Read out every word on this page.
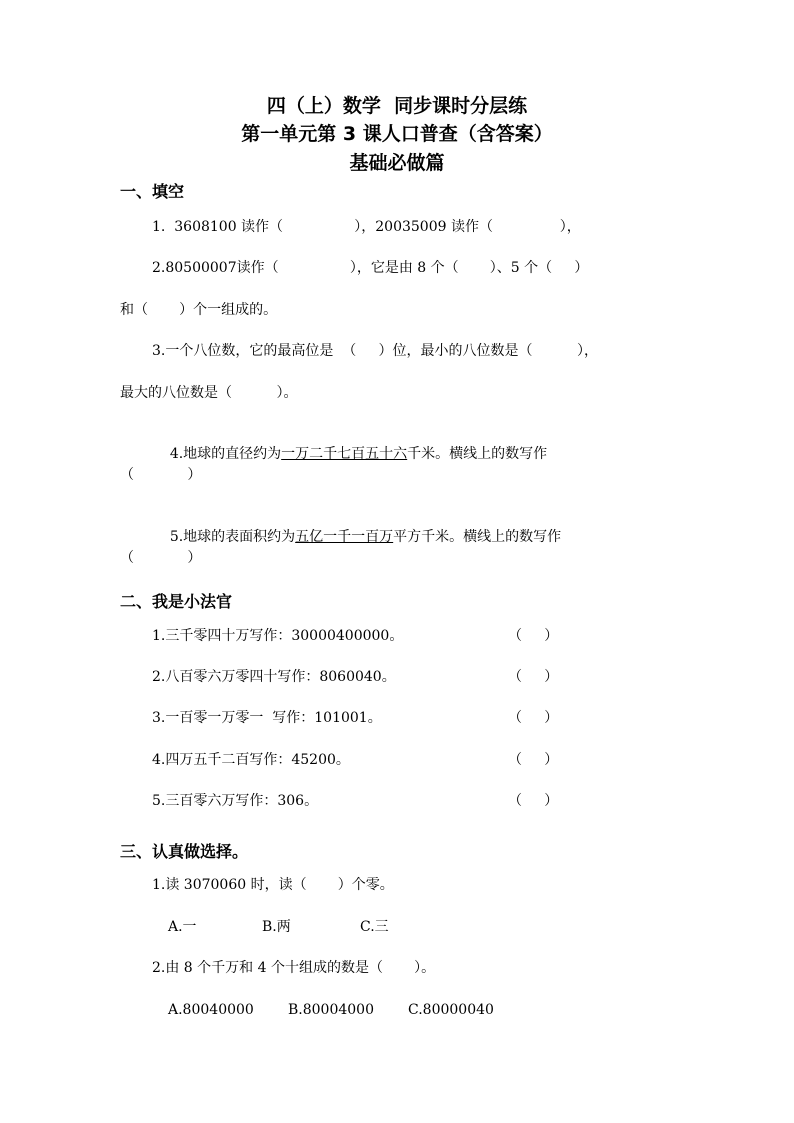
四（上）数学  同步课时分层练
第一单元第 3 课人口普查（含答案）
基础必做篇
一、填空
1.  3608100 读作（                ），20035009 读作（               ），
2.80500007读作（                ），它是由 8 个（       ）、5 个（     ）
和（       ）个一组成的。
3.一个八位数，它的最高位是  （     ）位，最小的八位数是（          ），
最大的八位数是（          ）。

4.地球的直径约为一万二千七百五十六千米。横线上的数写作

（            ）

5.地球的表面积约为五亿一千一百万平方千米。横线上的数写作

（            ）
二、我是小法官
1.三千零四十万写作：30000400000。	（     ）
2.八百零六万零四十写作：8060040。	（     ）
3.一百零一万零一  写作：101001。	（     ）
4.四万五千二百写作：45200。	（     ）
5.三百零六万写作：306。	（     ）
三、认真做选择。
1.读 3070060 时，读（       ）个零。
A.一	B.两	C.三
2.由 8 个千万和 4 个十组成的数是（       ）。
A.80040000 B.80004000 C.80000040
